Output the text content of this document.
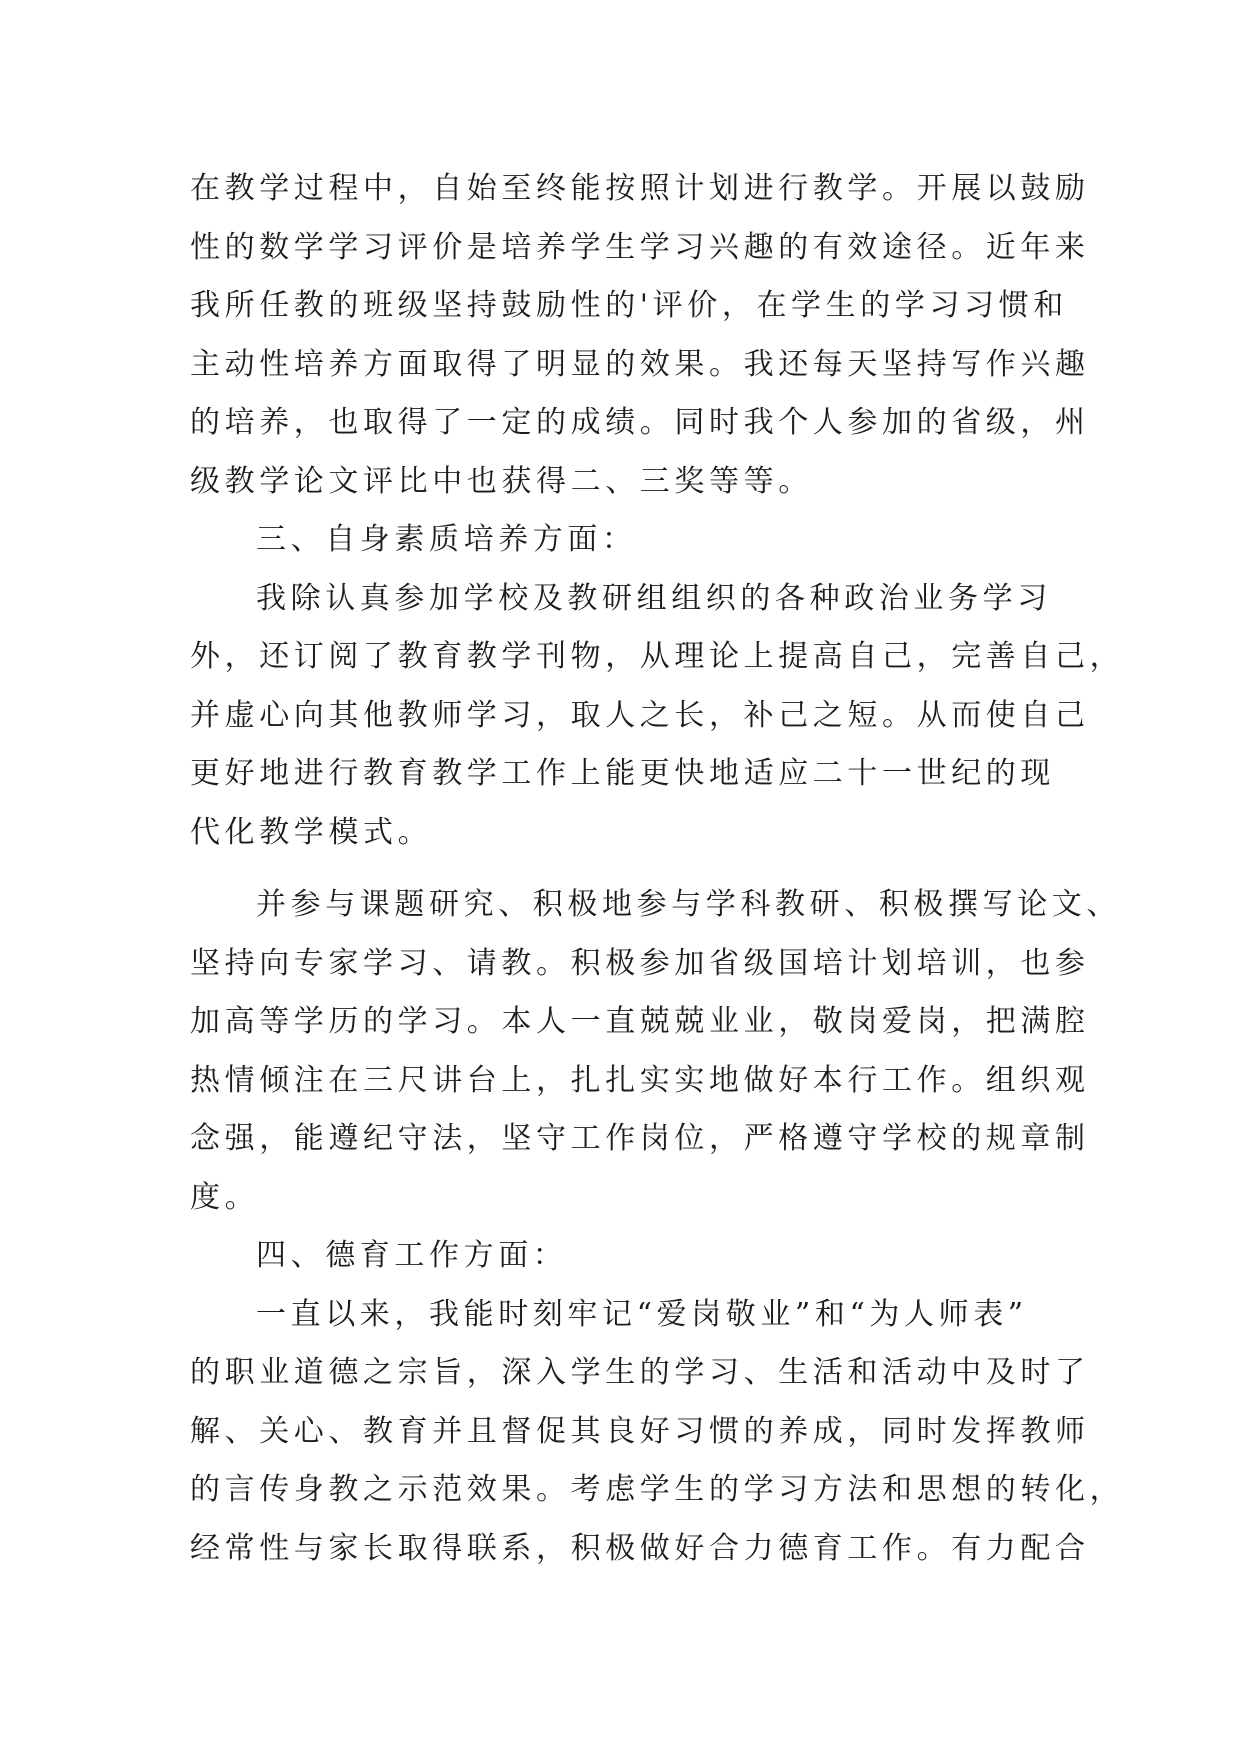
在教学过程中，自始至终能按照计划进行教学。开展以鼓励
性的数学学习评价是培养学生学习兴趣的有效途径。近年来
我所任教的班级坚持鼓励性的'评价，在学生的学习习惯和
主动性培养方面取得了明显的效果。我还每天坚持写作兴趣
的培养，也取得了一定的成绩。同时我个人参加的省级，州
级教学论文评比中也获得二、三奖等等。
三、自身素质培养方面：
我除认真参加学校及教研组组织的各种政治业务学习
外，还订阅了教育教学刊物，从理论上提高自己，完善自己，
并虚心向其他教师学习，取人之长，补己之短。从而使自己
更好地进行教育教学工作上能更快地适应二十一世纪的现
代化教学模式。
并参与课题研究、积极地参与学科教研、积极撰写论文、
坚持向专家学习、请教。积极参加省级国培计划培训，也参
加高等学历的学习。本人一直兢兢业业，敬岗爱岗，把满腔
热情倾注在三尺讲台上，扎扎实实地做好本行工作。组织观
念强，能遵纪守法，坚守工作岗位，严格遵守学校的规章制
度。
四、德育工作方面：
一直以来，我能时刻牢记“爱岗敬业”和“为人师表”
的职业道德之宗旨，深入学生的学习、生活和活动中及时了
解、关心、教育并且督促其良好习惯的养成，同时发挥教师
的言传身教之示范效果。考虑学生的学习方法和思想的转化，
经常性与家长取得联系，积极做好合力德育工作。有力配合
